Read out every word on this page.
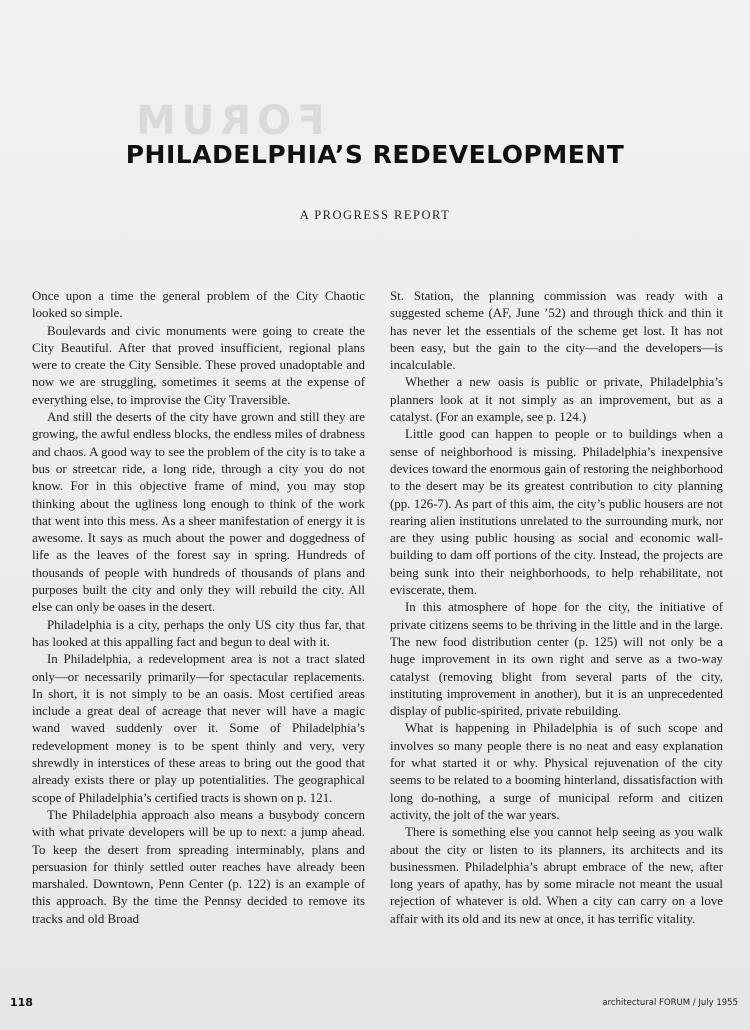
FORUM
PHILADELPHIA’S REDEVELOPMENT
A PROGRESS REPORT

Once upon a time the general problem of the City Chaotic looked so simple.

Boulevards and civic monuments were going to create the City Beautiful. After that proved insufficient, regional plans were to create the City Sensible. These proved unadoptable and now we are struggling, sometimes it seems at the expense of everything else, to improvise the City Traversible.

And still the deserts of the city have grown and still they are growing, the awful endless blocks, the endless miles of drabness and chaos. A good way to see the problem of the city is to take a bus or streetcar ride, a long ride, through a city you do not know. For in this objective frame of mind, you may stop thinking about the ugliness long enough to think of the work that went into this mess. As a sheer manifestation of energy it is awesome. It says as much about the power and doggedness of life as the leaves of the forest say in spring. Hundreds of thousands of people with hundreds of thousands of plans and purposes built the city and only they will rebuild the city. All else can only be oases in the desert.

Philadelphia is a city, perhaps the only US city thus far, that has looked at this appalling fact and begun to deal with it.

In Philadelphia, a redevelopment area is not a tract slated only—or necessarily primarily—for spectacular replacements. In short, it is not simply to be an oasis. Most certified areas include a great deal of acreage that never will have a magic wand waved suddenly over it. Some of Philadelphia’s redevelopment money is to be spent thinly and very, very shrewdly in interstices of these areas to bring out the good that already exists there or play up potentialities. The geographical scope of Philadelphia’s certified tracts is shown on p. 121.

The Philadelphia approach also means a busybody concern with what private developers will be up to next: a jump ahead. To keep the desert from spreading interminably, plans and persuasion for thinly settled outer reaches have already been marshaled. Downtown, Penn Center (p. 122) is an example of this approach. By the time the Pennsy decided to remove its tracks and old Broad

St. Station, the planning commission was ready with a suggested scheme (AF, June ’52) and through thick and thin it has never let the essentials of the scheme get lost. It has not been easy, but the gain to the city—and the developers—is incalculable.

Whether a new oasis is public or private, Philadelphia’s planners look at it not simply as an improvement, but as a catalyst. (For an example, see p. 124.)

Little good can happen to people or to buildings when a sense of neighborhood is missing. Philadelphia’s inexpensive devices toward the enormous gain of restoring the neighborhood to the desert may be its greatest contribution to city planning (pp. 126-7). As part of this aim, the city’s public housers are not rearing alien institutions unrelated to the surrounding murk, nor are they using public housing as social and economic wall-building to dam off portions of the city. Instead, the projects are being sunk into their neighborhoods, to help rehabilitate, not eviscerate, them.

In this atmosphere of hope for the city, the initiative of private citizens seems to be thriving in the little and in the large. The new food distribution center (p. 125) will not only be a huge improvement in its own right and serve as a two-way catalyst (removing blight from several parts of the city, instituting improvement in another), but it is an unprecedented display of public-spirited, private rebuilding.

What is happening in Philadelphia is of such scope and involves so many people there is no neat and easy explanation for what started it or why. Physical rejuvenation of the city seems to be related to a booming hinterland, dissatisfaction with long do-nothing, a surge of municipal reform and citizen activity, the jolt of the war years.

There is something else you cannot help seeing as you walk about the city or listen to its planners, its architects and its businessmen. Philadelphia’s abrupt embrace of the new, after long years of apathy, has by some miracle not meant the usual rejection of whatever is old. When a city can carry on a love affair with its old and its new at once, it has terrific vitality.

118	architectural FORUM / July 1955
